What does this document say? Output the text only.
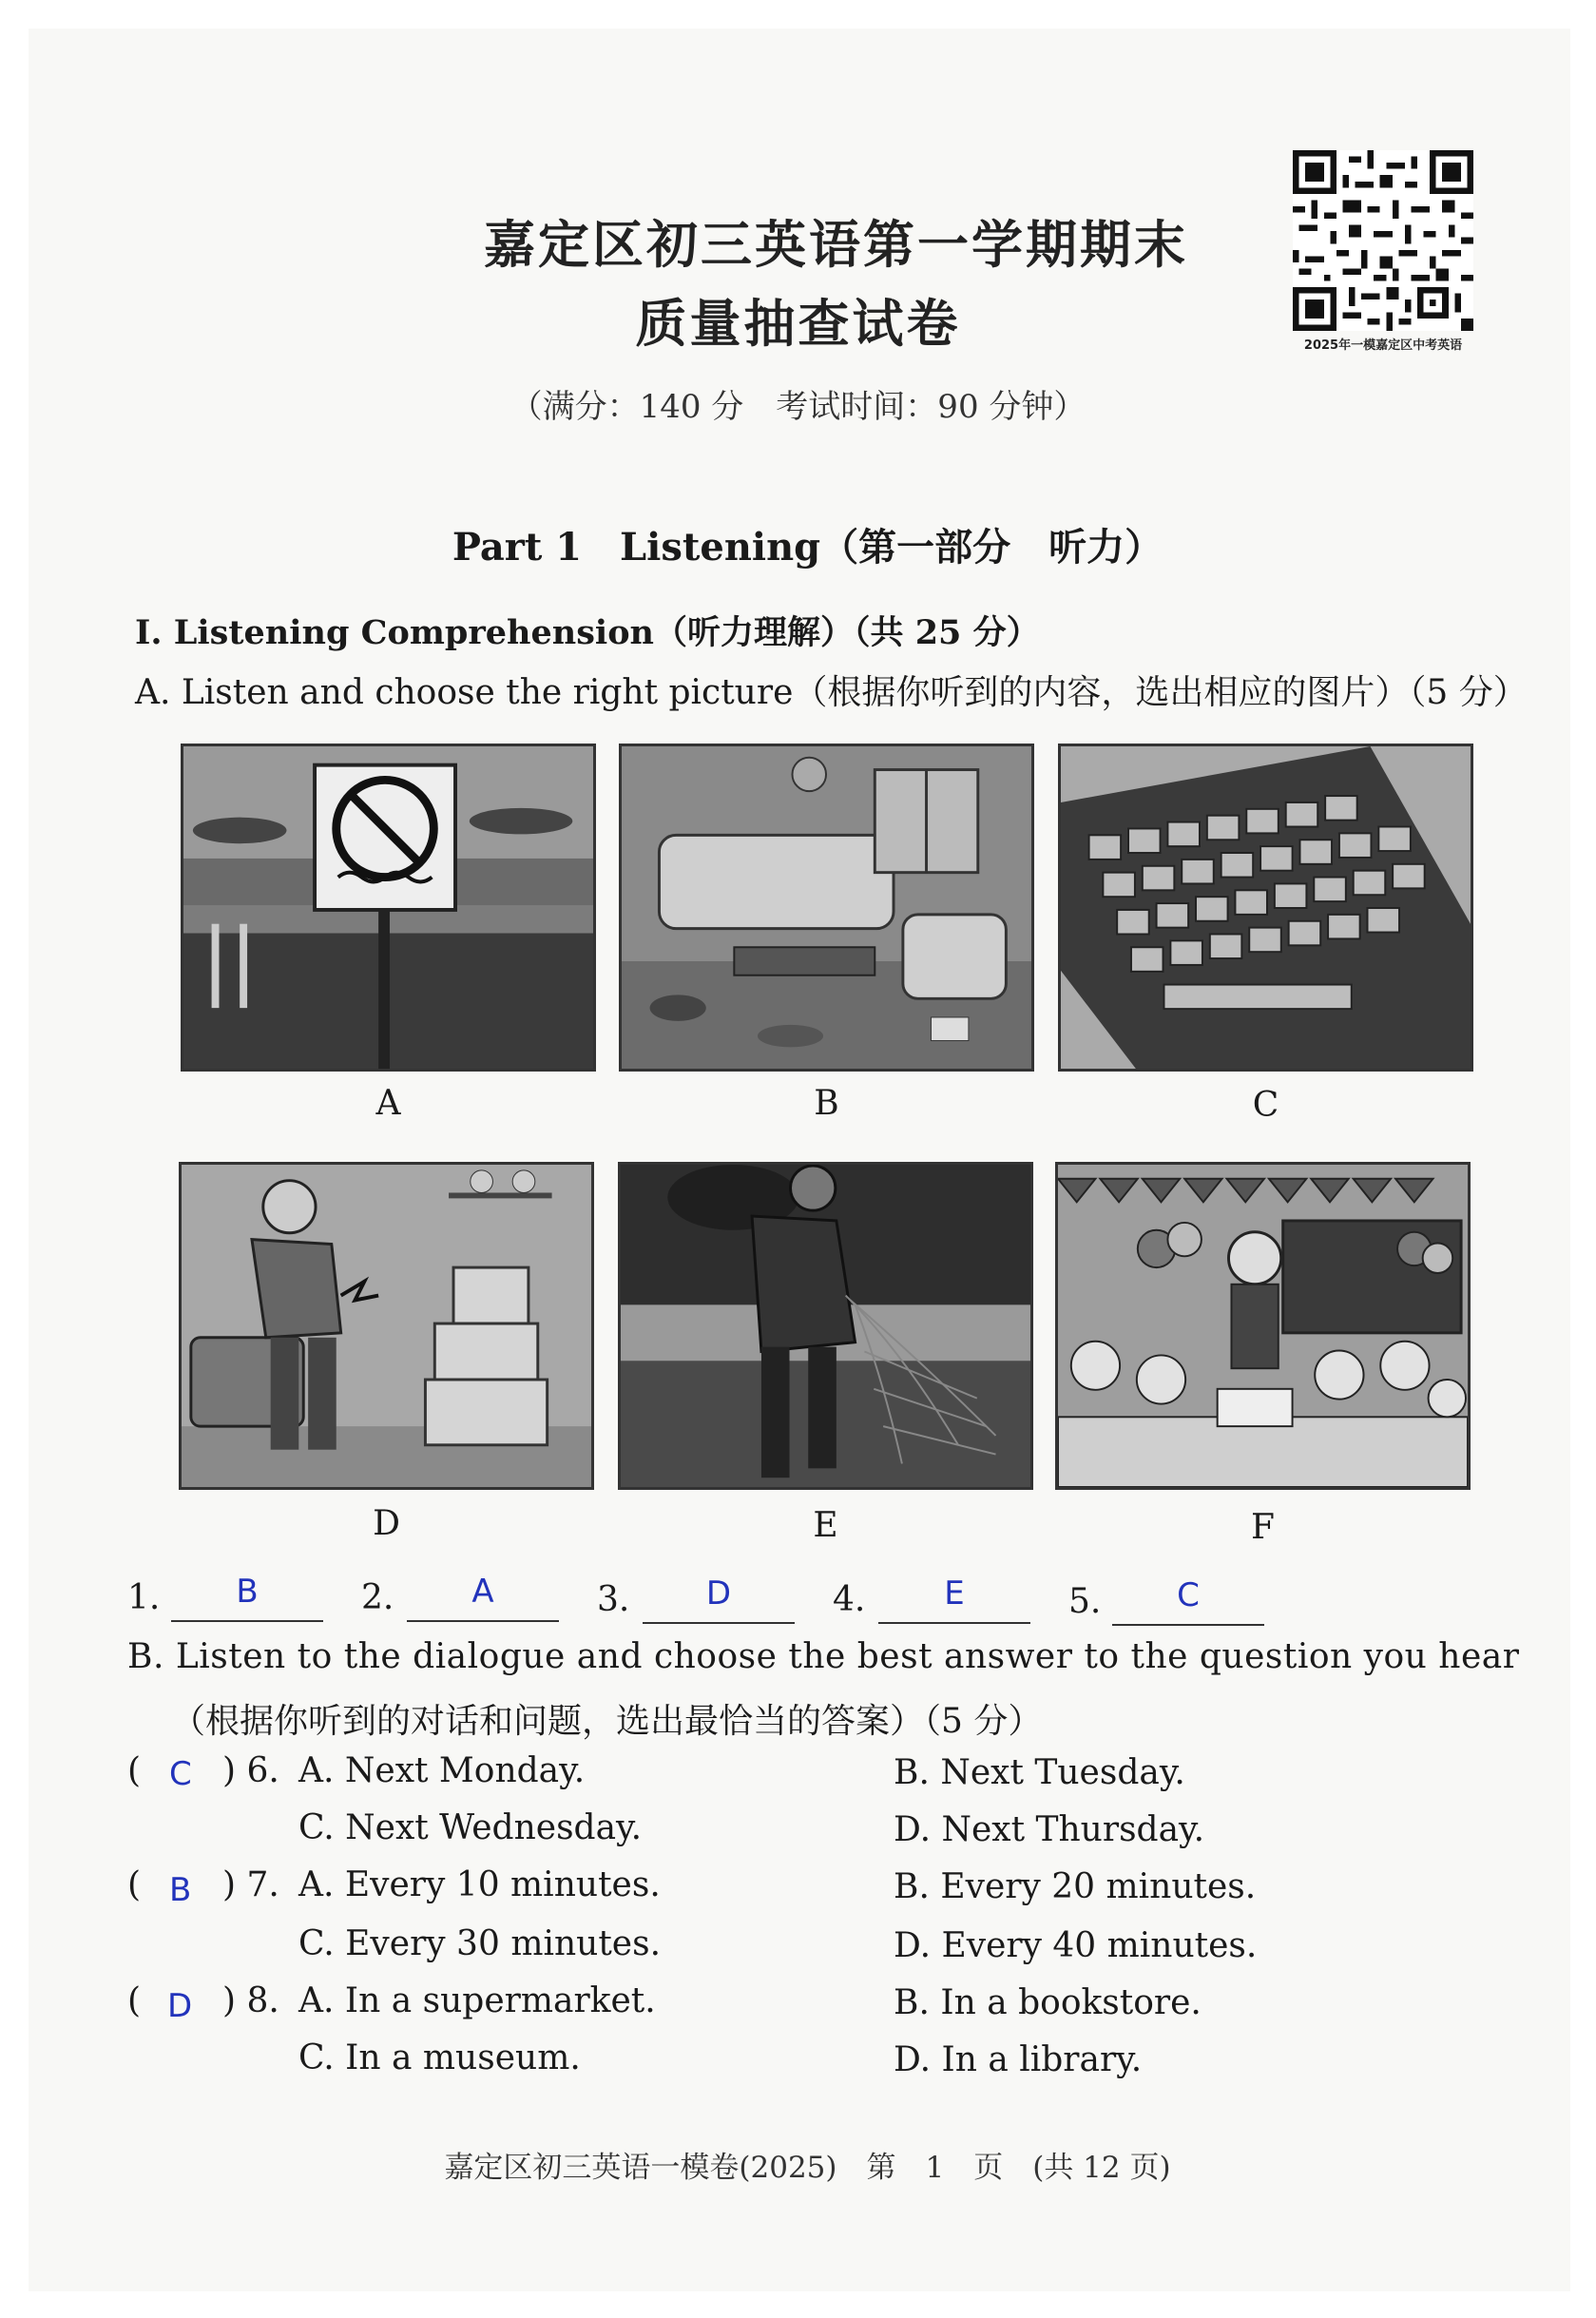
嘉定区初三英语第一学期期末
质量抽查试卷
（满分：140 分　考试时间：90 分钟）
2025年一模嘉定区中考英语
Part 1　Listening（第一部分　听力）
Ⅰ. Listening Comprehension（听力理解）（共 25 分）
A. Listen and choose the right picture（根据你听到的内容，选出相应的图片）（5 分）
A	B	C
D	E	F
1.	B	2.	A	3.	D	4.	E	5.	C
B. Listen to the dialogue and choose the best answer to the question you hear
（根据你听到的对话和问题，选出最恰当的答案）（5 分）
( C ) 6. A. Next Monday.	B. Next Tuesday.
C. Next Wednesday.	D. Next Thursday.
( B ) 7. A. Every 10 minutes.	B. Every 20 minutes.
C. Every 30 minutes.	D. Every 40 minutes.
( D ) 8. A. In a supermarket.	B. In a bookstore.
C. In a museum.	D. In a library.
嘉定区初三英语一模卷(2025)　第　1　页　(共 12 页)
